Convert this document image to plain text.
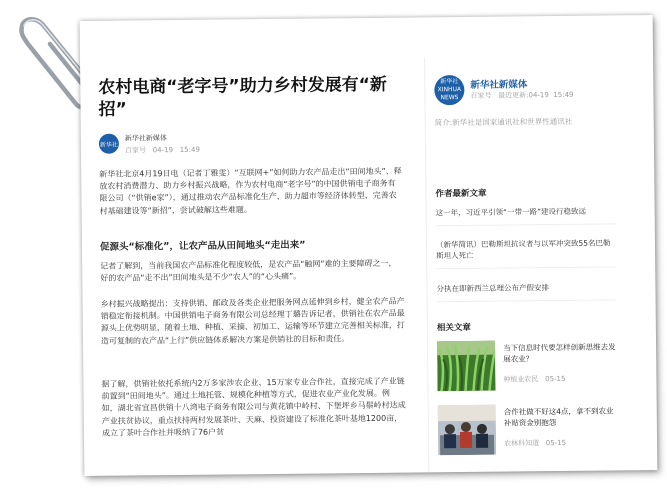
农村电商“老字号”助力乡村发展有“新招”
新华社
新华社新媒体
百家号 04-19 15:49
新华社北京4月19日电（记者丁雅雯）“互联网+”如何助力农产品走出“田间地头”、释放农村消费潜力、助力乡村振兴战略，作为农村电商“老字号”的中国供销电子商务有限公司（“供销e家”），通过推动农产品标准化生产、助力超市等经济体转型、完善农村基础建设等“新招”，尝试破解这些难题。
促源头“标准化”，让农产品从田间地头“走出来”
记者了解到，当前我国农产品标准化程度较低，是农产品“触网”难的主要障碍之一，好的农产品“走不出”田间地头是不少“农人”的“心头痛”。
乡村振兴战略提出：支持供销、邮政及各类企业把服务网点延伸到乡村，健全农产品产销稳定衔接机制。中国供销电子商务有限公司总经理丁璐告诉记者，供销社在农产品最源头上优势明显，随着土地、种植、采摘、初加工、运输等环节建立完善相关标准，打造可复制的农产品“上行”供应链体系解决方案是供销社的目标和责任。
据了解，供销社依托系统内2万多家涉农企业、15万家专业合作社，直接完成了产业链前置到“田间地头”。通过土地托管、规模化种植等方式，促进农业产业化发展。例如，湖北省宜昌供销十八湾电子商务有限公司与黄花镇中岭村、下堡坪乡马鬃岭村达成产业扶贫协议，重点扶持两村发展茶叶、天麻、投资建设了标准化茶叶基地1200亩，成立了茶叶合作社并吸纳了76户贫
新华社 XINHUA NEWS
新华社新媒体
百家号 最近更新:04-19 15:49
简介:新华社是国家通讯社和世界性通讯社
作者最新文章
这一年，习近平引领“一带一路”建设行稳致远
（新华简讯）巴勒斯坦抗议者与以军冲突致55名巴勒斯坦人死亡
分执在即新西兰总理公布产假安排
相关文章
当下信息时代要怎样创新思维去发展农业？
种植业农民 05-15
合作社做不好这4点，拿不到农业补贴资金别抱怨
农林科知道 05-15
